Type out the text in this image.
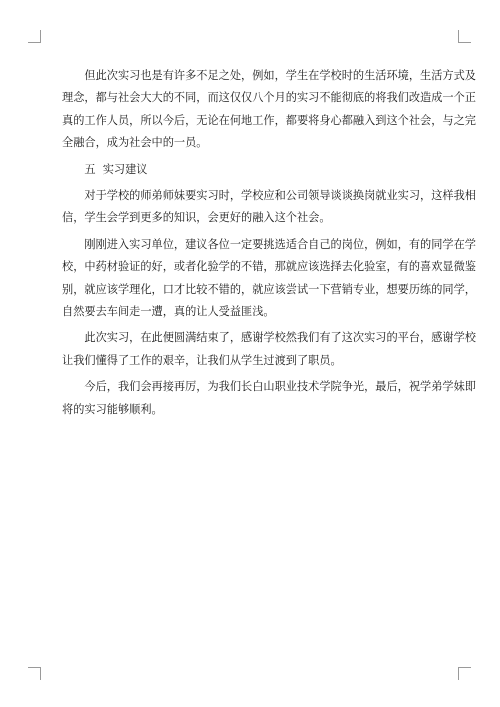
但此次实习也是有许多不足之处，例如，学生在学校时的生活环境，生活方式及
理念，都与社会大大的不同，而这仅仅八个月的实习不能彻底的将我们改造成一个正
真的工作人员，所以今后，无论在何地工作，都要将身心都融入到这个社会，与之完
全融合，成为社会中的一员。

五  实习建议

对于学校的师弟师妹要实习时，学校应和公司领导谈谈换岗就业实习，这样我相
信，学生会学到更多的知识，会更好的融入这个社会。

刚刚进入实习单位，建议各位一定要挑选适合自己的岗位，例如，有的同学在学
校，中药材验证的好，或者化验学的不错，那就应该选择去化验室，有的喜欢显微鉴
别，就应该学理化，口才比较不错的，就应该尝试一下营销专业，想要历练的同学，
自然要去车间走一遭，真的让人受益匪浅。

此次实习，在此便圆满结束了，感谢学校然我们有了这次实习的平台，感谢学校
让我们懂得了工作的艰辛，让我们从学生过渡到了职员。

今后，我们会再接再厉，为我们长白山职业技术学院争光，最后，祝学弟学妹即
将的实习能够顺利。
